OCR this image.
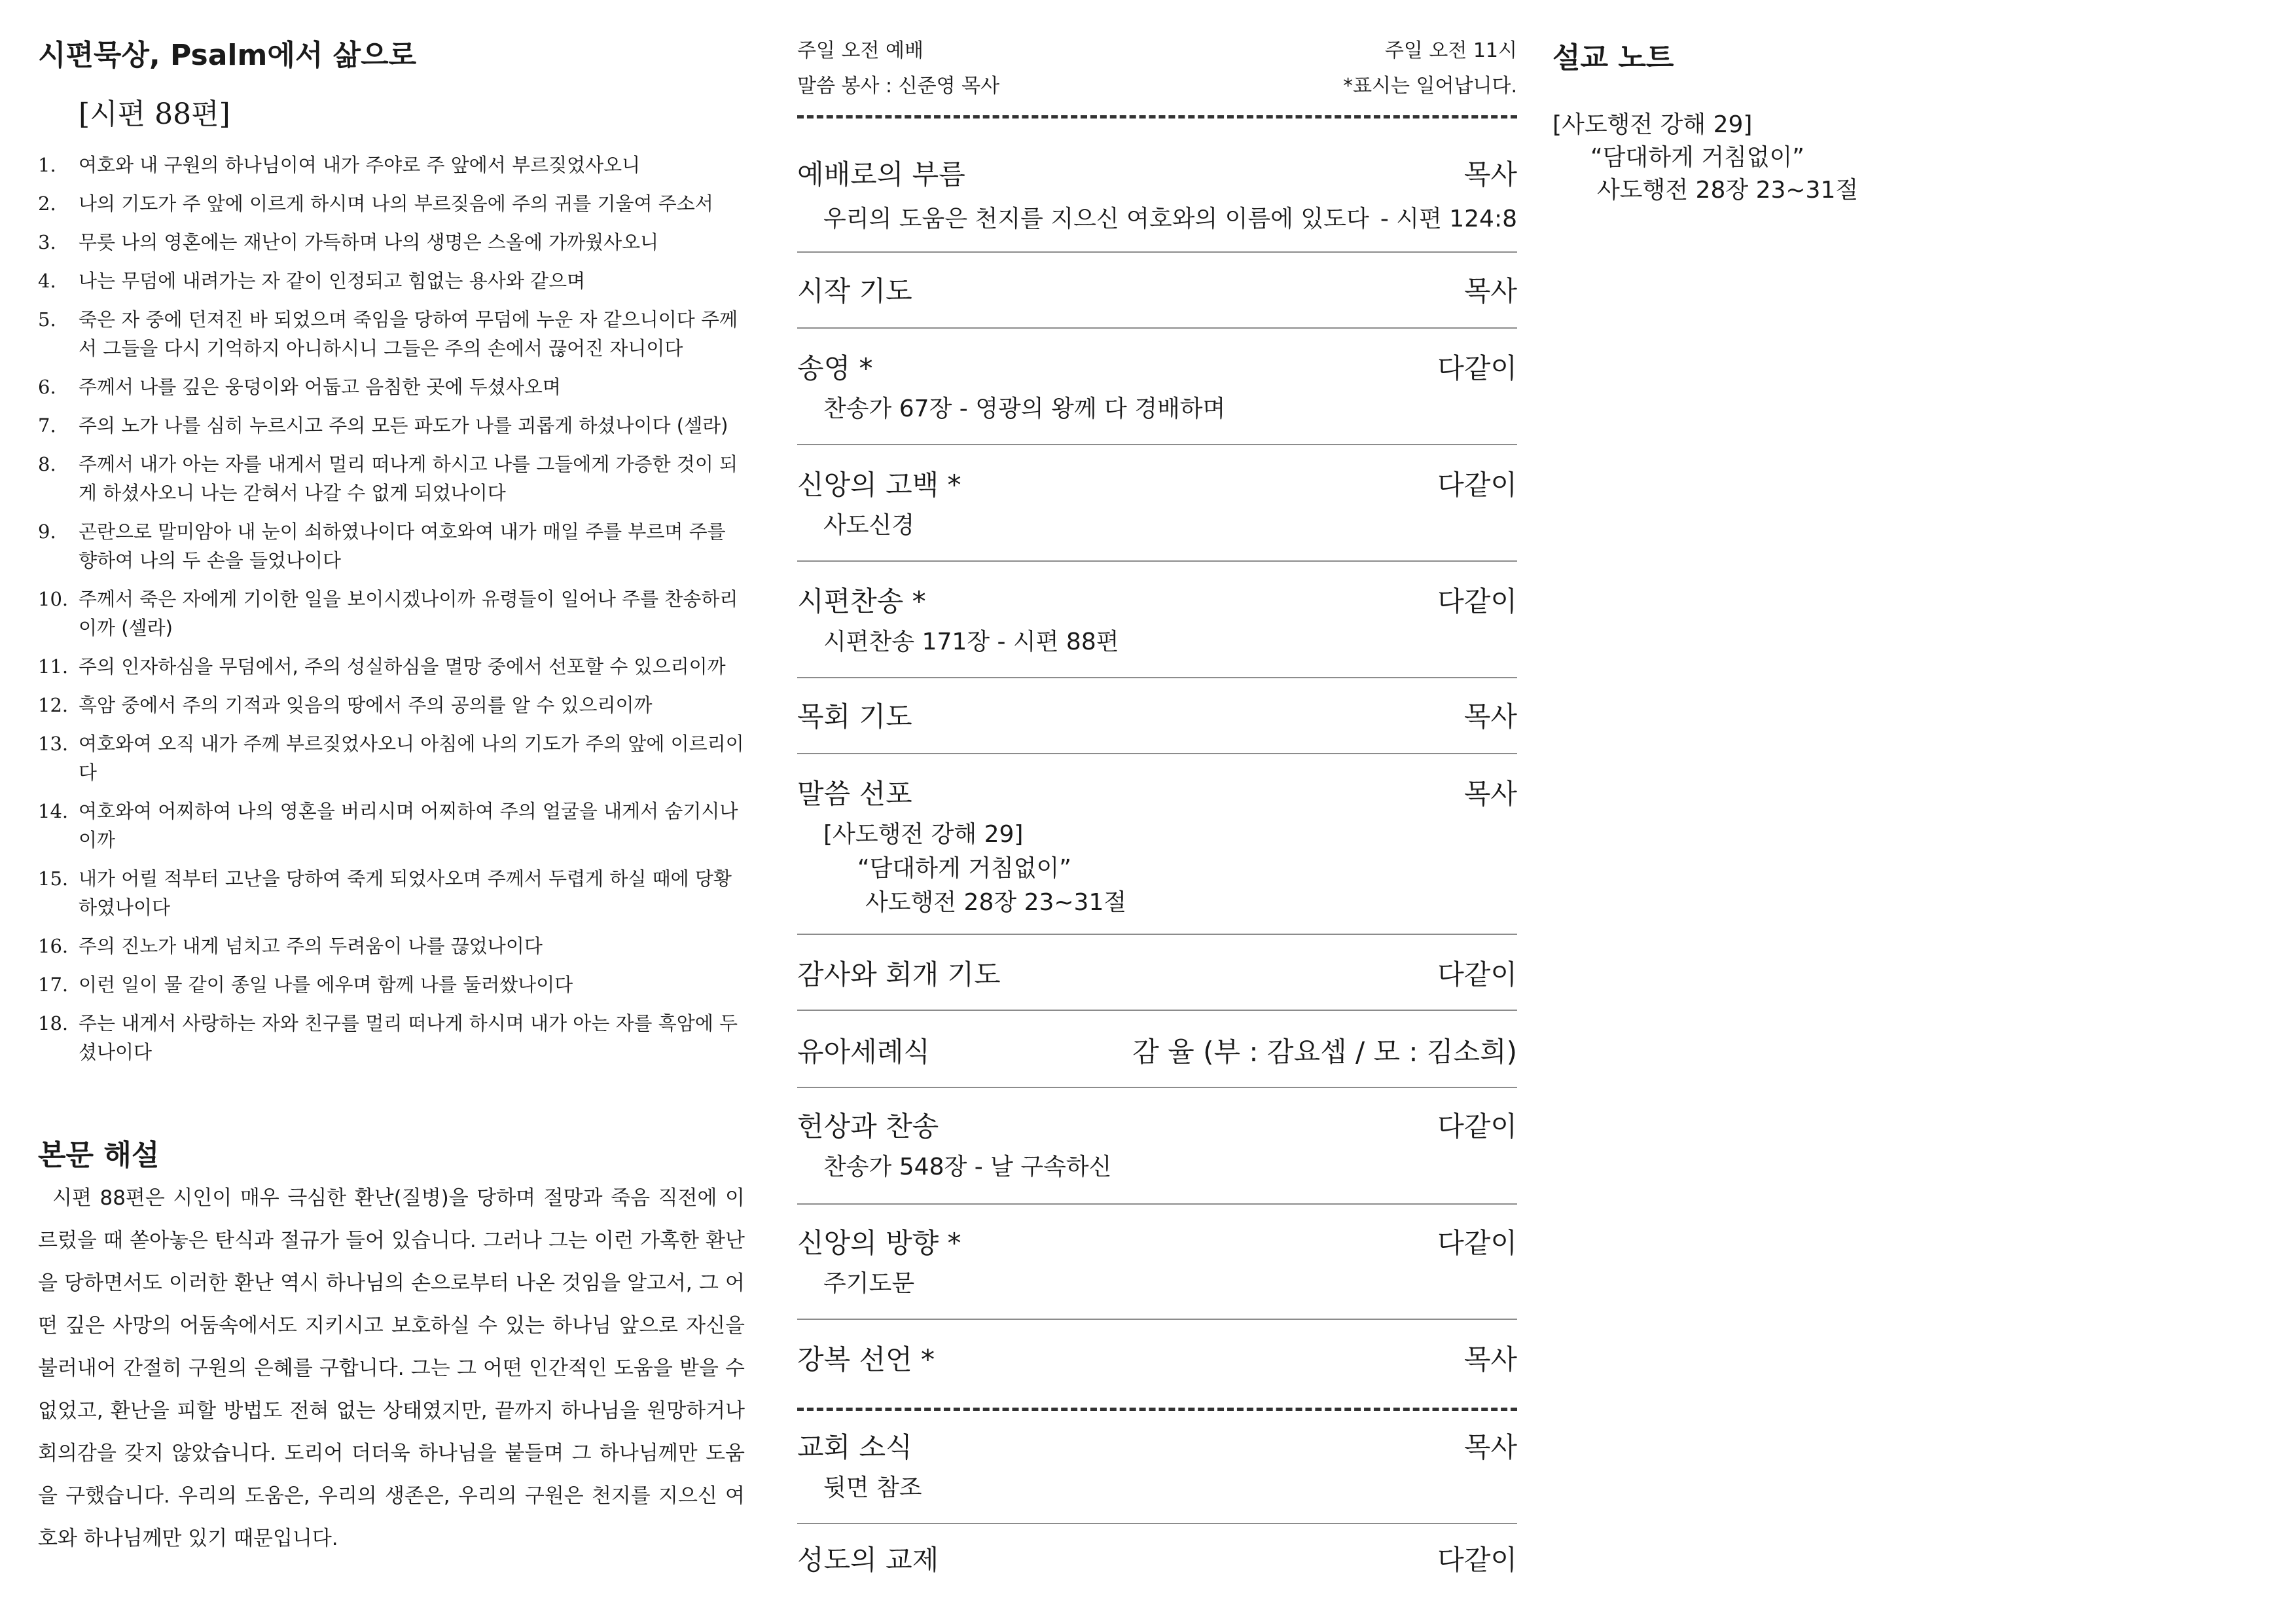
시편묵상, Psalm에서 삶으로
[시편 88편]
1. 여호와 내 구원의 하나님이여 내가 주야로 주 앞에서 부르짖었사오니
2. 나의 기도가 주 앞에 이르게 하시며 나의 부르짖음에 주의 귀를 기울여 주소서
3. 무릇 나의 영혼에는 재난이 가득하며 나의 생명은 스올에 가까웠사오니
4. 나는 무덤에 내려가는 자 같이 인정되고 힘없는 용사와 같으며
5. 죽은 자 중에 던져진 바 되었으며 죽임을 당하여 무덤에 누운 자 같으니이다 주께서 그들을 다시 기억하지 아니하시니 그들은 주의 손에서 끊어진 자니이다
6. 주께서 나를 깊은 웅덩이와 어둡고 음침한 곳에 두셨사오며
7. 주의 노가 나를 심히 누르시고 주의 모든 파도가 나를 괴롭게 하셨나이다 (셀라)
8. 주께서 내가 아는 자를 내게서 멀리 떠나게 하시고 나를 그들에게 가증한 것이 되게 하셨사오니 나는 갇혀서 나갈 수 없게 되었나이다
9. 곤란으로 말미암아 내 눈이 쇠하였나이다 여호와여 내가 매일 주를 부르며 주를 향하여 나의 두 손을 들었나이다
10. 주께서 죽은 자에게 기이한 일을 보이시겠나이까 유령들이 일어나 주를 찬송하리이까 (셀라)
11. 주의 인자하심을 무덤에서, 주의 성실하심을 멸망 중에서 선포할 수 있으리이까
12. 흑암 중에서 주의 기적과 잊음의 땅에서 주의 공의를 알 수 있으리이까
13. 여호와여 오직 내가 주께 부르짖었사오니 아침에 나의 기도가 주의 앞에 이르리이다
14. 여호와여 어찌하여 나의 영혼을 버리시며 어찌하여 주의 얼굴을 내게서 숨기시나이까
15. 내가 어릴 적부터 고난을 당하여 죽게 되었사오며 주께서 두렵게 하실 때에 당황하였나이다
16. 주의 진노가 내게 넘치고 주의 두려움이 나를 끊었나이다
17. 이런 일이 물 같이 종일 나를 에우며 함께 나를 둘러쌌나이다
18. 주는 내게서 사랑하는 자와 친구를 멀리 떠나게 하시며 내가 아는 자를 흑암에 두셨나이다
본문 해설

시편 88편은 시인이 매우 극심한 환난(질병)을 당하며 절망과 죽음 직전에 이르렀을 때 쏟아놓은 탄식과 절규가 들어 있습니다. 그러나 그는 이런 가혹한 환난을 당하면서도 이러한 환난 역시 하나님의 손으로부터 나온 것임을 알고서, 그 어떤 깊은 사망의 어둠속에서도 지키시고 보호하실 수 있는 하나님 앞으로 자신을 불러내어 간절히 구원의 은혜를 구합니다. 그는 그 어떤 인간적인 도움을 받을 수 없었고, 환난을 피할 방법도 전혀 없는 상태였지만, 끝까지 하나님을 원망하거나 회의감을 갖지 않았습니다. 도리어 더더욱 하나님을 붙들며 그 하나님께만 도움을 구했습니다. 우리의 도움은, 우리의 생존은, 우리의 구원은 천지를 지으신 여호와 하나님께만 있기 때문입니다.

주일 오전 예배	주일 오전 11시
말씀 봉사 : 신준영 목사	*표시는 일어납니다.
예배로의 부름	목사
우리의 도움은 천지를 지으신 여호와의 이름에 있도다 - 시편 124:8
시작 기도	목사
송영 *	다같이
찬송가 67장 - 영광의 왕께 다 경배하며
신앙의 고백 *	다같이
사도신경
시편찬송 *	다같이
시편찬송 171장 - 시편 88편
목회 기도	목사
말씀 선포	목사
[사도행전 강해 29]
“담대하게 거침없이”
사도행전 28장 23~31절
감사와 회개 기도	다같이
유아세례식	감 율 (부 : 감요셉 / 모 : 김소희)
헌상과 찬송	다같이
찬송가 548장 - 날 구속하신
신앙의 방향 *	다같이
주기도문
강복 선언 *	목사
교회 소식	목사
뒷면 참조
성도의 교제	다같이
설교 노트
[사도행전 강해 29]
“담대하게 거침없이”
사도행전 28장 23~31절
